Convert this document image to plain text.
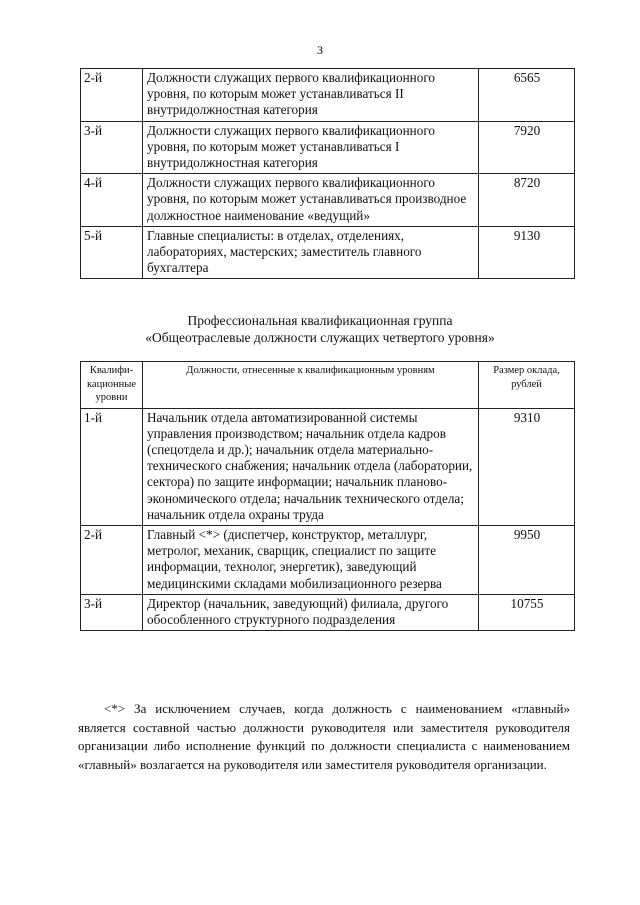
3
2-й	Должности служащих первого квалификационного уровня, по которым может устанавливаться II внутридолжностная категория	6565
3-й	Должности служащих первого квалификационного уровня, по которым может устанавливаться I внутридолжностная категория	7920
4-й	Должности служащих первого квалификационного уровня, по которым может устанавливаться производное должностное наименование «ведущий»	8720
5-й	Главные специалисты: в отделах, отделениях, лабораториях, мастерских; заместитель главного бухгалтера	9130
Профессиональная квалификационная группа
«Общеотраслевые должности служащих четвертого уровня»
Квалифи-кационные уровни	Должности, отнесенные к квалификационным уровням	Размер оклада, рублей
1-й	Начальник отдела автоматизированной системы управления производством; начальник отдела кадров (спецотдела и др.); начальник отдела материально-технического снабжения; начальник отдела (лаборатории, сектора) по защите информации; начальник планово-экономического отдела; начальник технического отдела; начальник отдела охраны труда	9310
2-й	Главный <*> (диспетчер, конструктор, металлург, метролог, механик, сварщик, специалист по защите информации, технолог, энергетик), заведующий медицинскими складами мобилизационного резерва	9950
3-й	Директор (начальник, заведующий) филиала, другого обособленного структурного подразделения	10755

<*> За исключением случаев, когда должность с наименованием «главный» является составной частью должности руководителя или заместителя руководителя организации либо исполнение функций по должности специалиста с наименованием «главный» возлагается на руководителя или заместителя руководителя организации.
